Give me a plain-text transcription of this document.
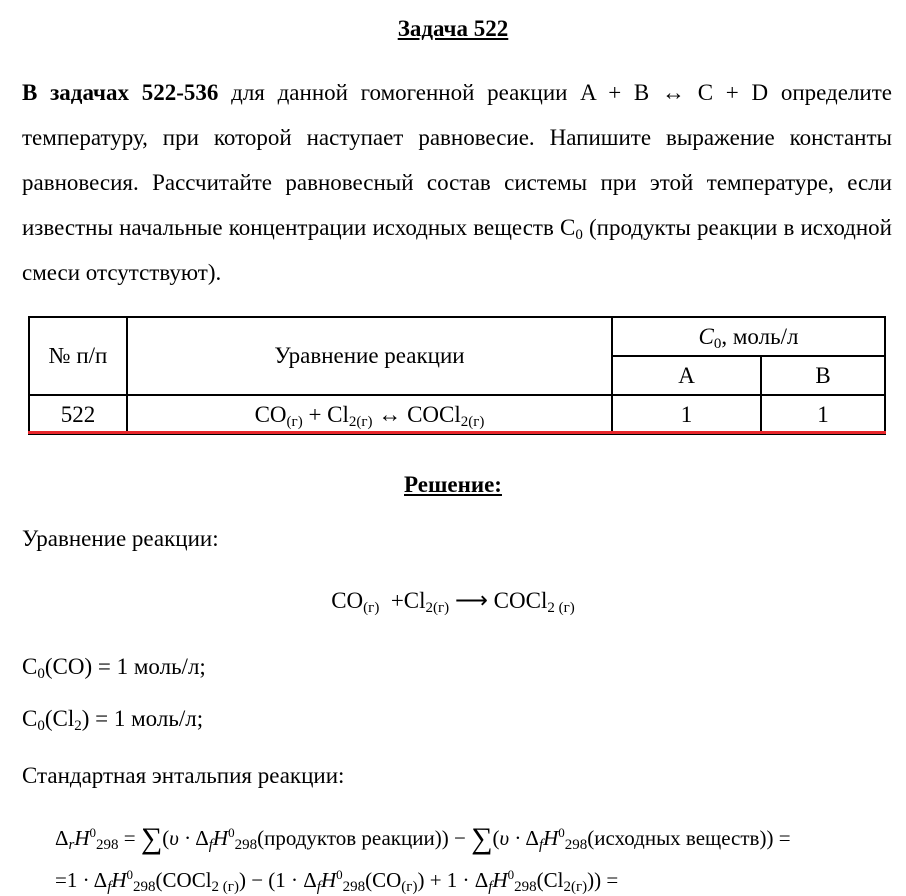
Задача 522
В задачах 522-536 для данной гомогенной реакции A + B ↔ C + D определите температуру, при которой наступает равновесие. Напишите выражение константы равновесия. Рассчитайте равновесный состав системы при этой температуре, если известны начальные концентрации исходных веществ $С_0$ (продукты реакции в исходной смеси отсутствуют).
№ п/п	Уравнение реакции	$C_0$, моль/л	
		A	B
522	$CO_{(г)} + Cl_{2(г)}$ ↔ COCl$_{2(г)}$	1	1
Решение:
Уравнение реакции:
$CO_{(г)} +Cl_{2(г)}$ ⟶ COCl$_{2 (г)}$
$C_0(CO) = 1$ моль/л;
$C_0(Cl_2) = 1$ моль/л;
Стандартная энтальпия реакции:
$\Delta_rH^0_{298} = \sum(\upsilon$ · $\Delta_fH^0_{298}(продуктов$ реакции)) − $\sum(\upsilon \cdot \Delta_fH^0_{298}(исходных$ веществ)) =
$=1 \cdot \Delta_fH^0_{298}(COCl_{2 (г)}) - (1 \cdot \Delta_fH^0_{298}(CO_{(г)}) + 1 \cdot \Delta_fH^0_{298}(Cl_{2(г)}))$ =
